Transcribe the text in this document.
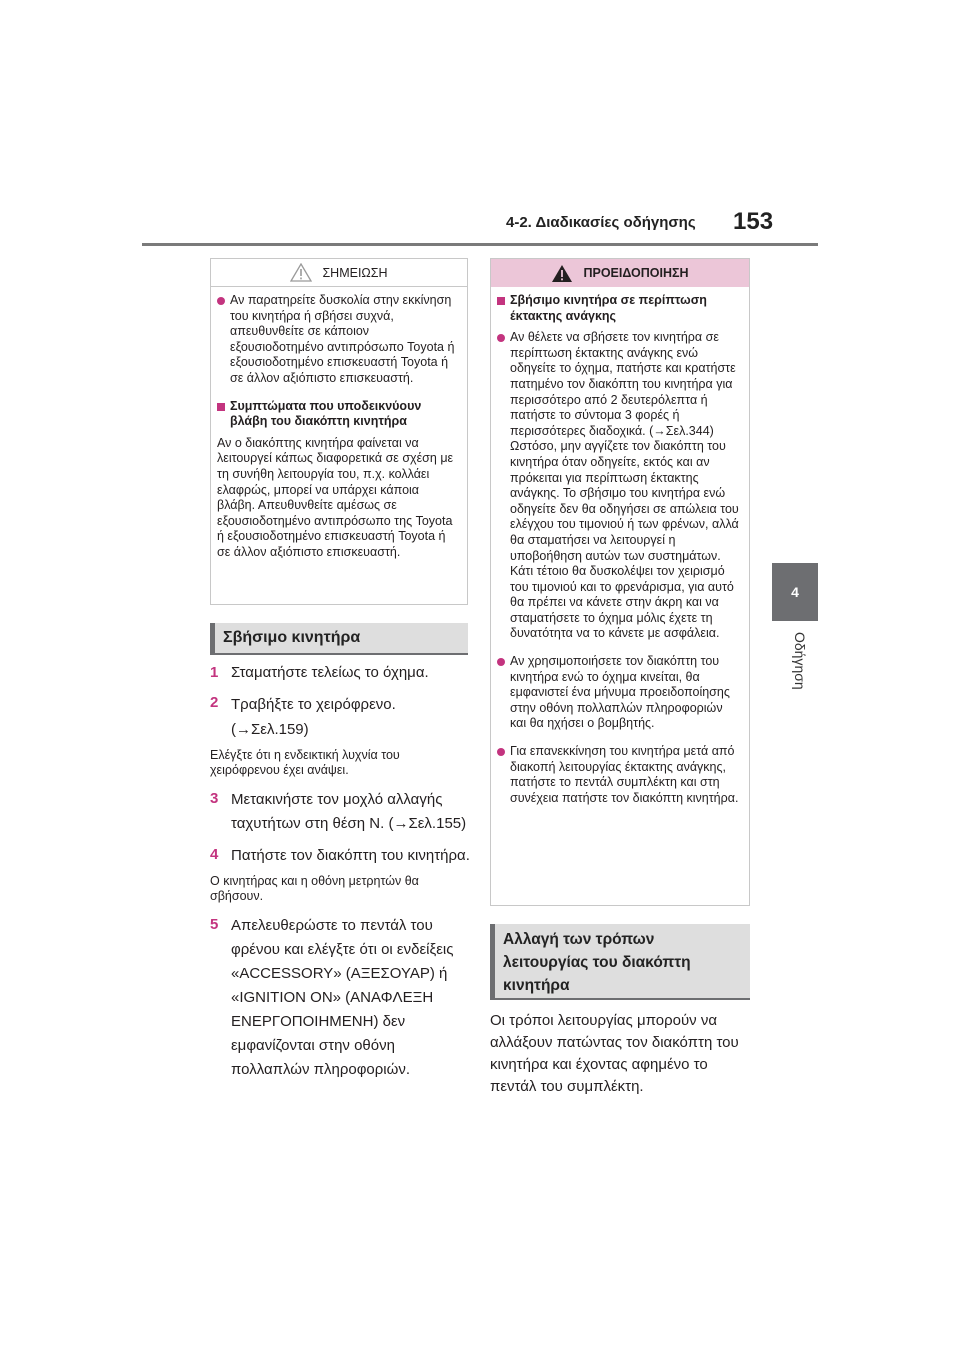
4-2. Διαδικασίες οδήγησης 153
4
Οδήγηση
ΣΗΜΕΙΩΣΗ
Αν παρατηρείτε δυσκολία στην εκκίνηση του κινητήρα ή σβήσει συχνά, απευθυνθείτε σε κάποιον εξουσιοδοτημένο αντιπρόσωπο Toyota ή εξουσιοδοτημένο επισκευαστή Toyota ή σε άλλον αξιόπιστο επισκευαστή.
Συμπτώματα που υποδεικνύουν βλάβη του διακόπτη κινητήρα
Αν ο διακόπτης κινητήρα φαίνεται να λειτουργεί κάπως διαφορετικά σε σχέση με τη συνήθη λειτουργία του, π.χ. κολλάει ελαφρώς, μπορεί να υπάρχει κάποια βλάβη. Απευθυνθείτε αμέσως σε εξουσιοδοτημένο αντιπρόσωπο της Toyota ή εξουσιοδοτημένο επισκευαστή Toyota ή σε άλλον αξιόπιστο επισκευαστή.
Σβήσιμο κινητήρα
1 Σταματήστε τελείως το όχημα.
2 Τραβήξτε το χειρόφρενο. (→Σελ.159)
Ελέγξτε ότι η ενδεικτική λυχνία του χειρόφρενου έχει ανάψει.
3 Μετακινήστε τον μοχλό αλλαγής ταχυτήτων στη θέση N. (→Σελ.155)
4 Πατήστε τον διακόπτη του κινητήρα.
Ο κινητήρας και η οθόνη μετρητών θα σβήσουν.
5 Απελευθερώστε το πεντάλ του φρένου και ελέγξτε ότι οι ενδείξεις «ACCESSORY» (ΑΞΕΣΟΥΑΡ) ή «IGNITION ON» (ΑΝΑΦΛΕΞΗ ΕΝΕΡΓΟΠΟΙΗΜΕΝΗ) δεν εμφανίζονται στην οθόνη πολλαπλών πληροφοριών.
ΠΡΟΕΙΔΟΠΟΙΗΣΗ
Σβήσιμο κινητήρα σε περίπτωση έκτακτης ανάγκης
Αν θέλετε να σβήσετε τον κινητήρα σε περίπτωση έκτακτης ανάγκης ενώ οδηγείτε το όχημα, πατήστε και κρατήστε πατημένο τον διακόπτη του κινητήρα για περισσότερο από 2 δευτερόλεπτα ή πατήστε το σύντομα 3 φορές ή περισσότερες διαδοχικά. (→Σελ.344) Ωστόσο, μην αγγίζετε τον διακόπτη του κινητήρα όταν οδηγείτε, εκτός και αν πρόκειται για περίπτωση έκτακτης ανάγκης. Το σβήσιμο του κινητήρα ενώ οδηγείτε δεν θα οδηγήσει σε απώλεια του ελέγχου του τιμονιού ή των φρένων, αλλά θα σταματήσει να λειτουργεί η υποβοήθηση αυτών των συστημάτων. Κάτι τέτοιο θα δυσκολέψει τον χειρισμό του τιμονιού και το φρενάρισμα, για αυτό θα πρέπει να κάνετε στην άκρη και να σταματήσετε το όχημα μόλις έχετε τη δυνατότητα να το κάνετε με ασφάλεια.
Αν χρησιμοποιήσετε τον διακόπτη του κινητήρα ενώ το όχημα κινείται, θα εμφανιστεί ένα μήνυμα προειδοποίησης στην οθόνη πολλαπλών πληροφοριών και θα ηχήσει ο βομβητής.
Για επανεκκίνηση του κινητήρα μετά από διακοπή λειτουργίας έκτακτης ανάγκης, πατήστε το πεντάλ συμπλέκτη και στη συνέχεια πατήστε τον διακόπτη κινητήρα.
Αλλαγή των τρόπων λειτουργίας του διακόπτη κινητήρα
Οι τρόποι λειτουργίας μπορούν να αλλάξουν πατώντας τον διακόπτη του κινητήρα και έχοντας αφημένο το πεντάλ του συμπλέκτη.
